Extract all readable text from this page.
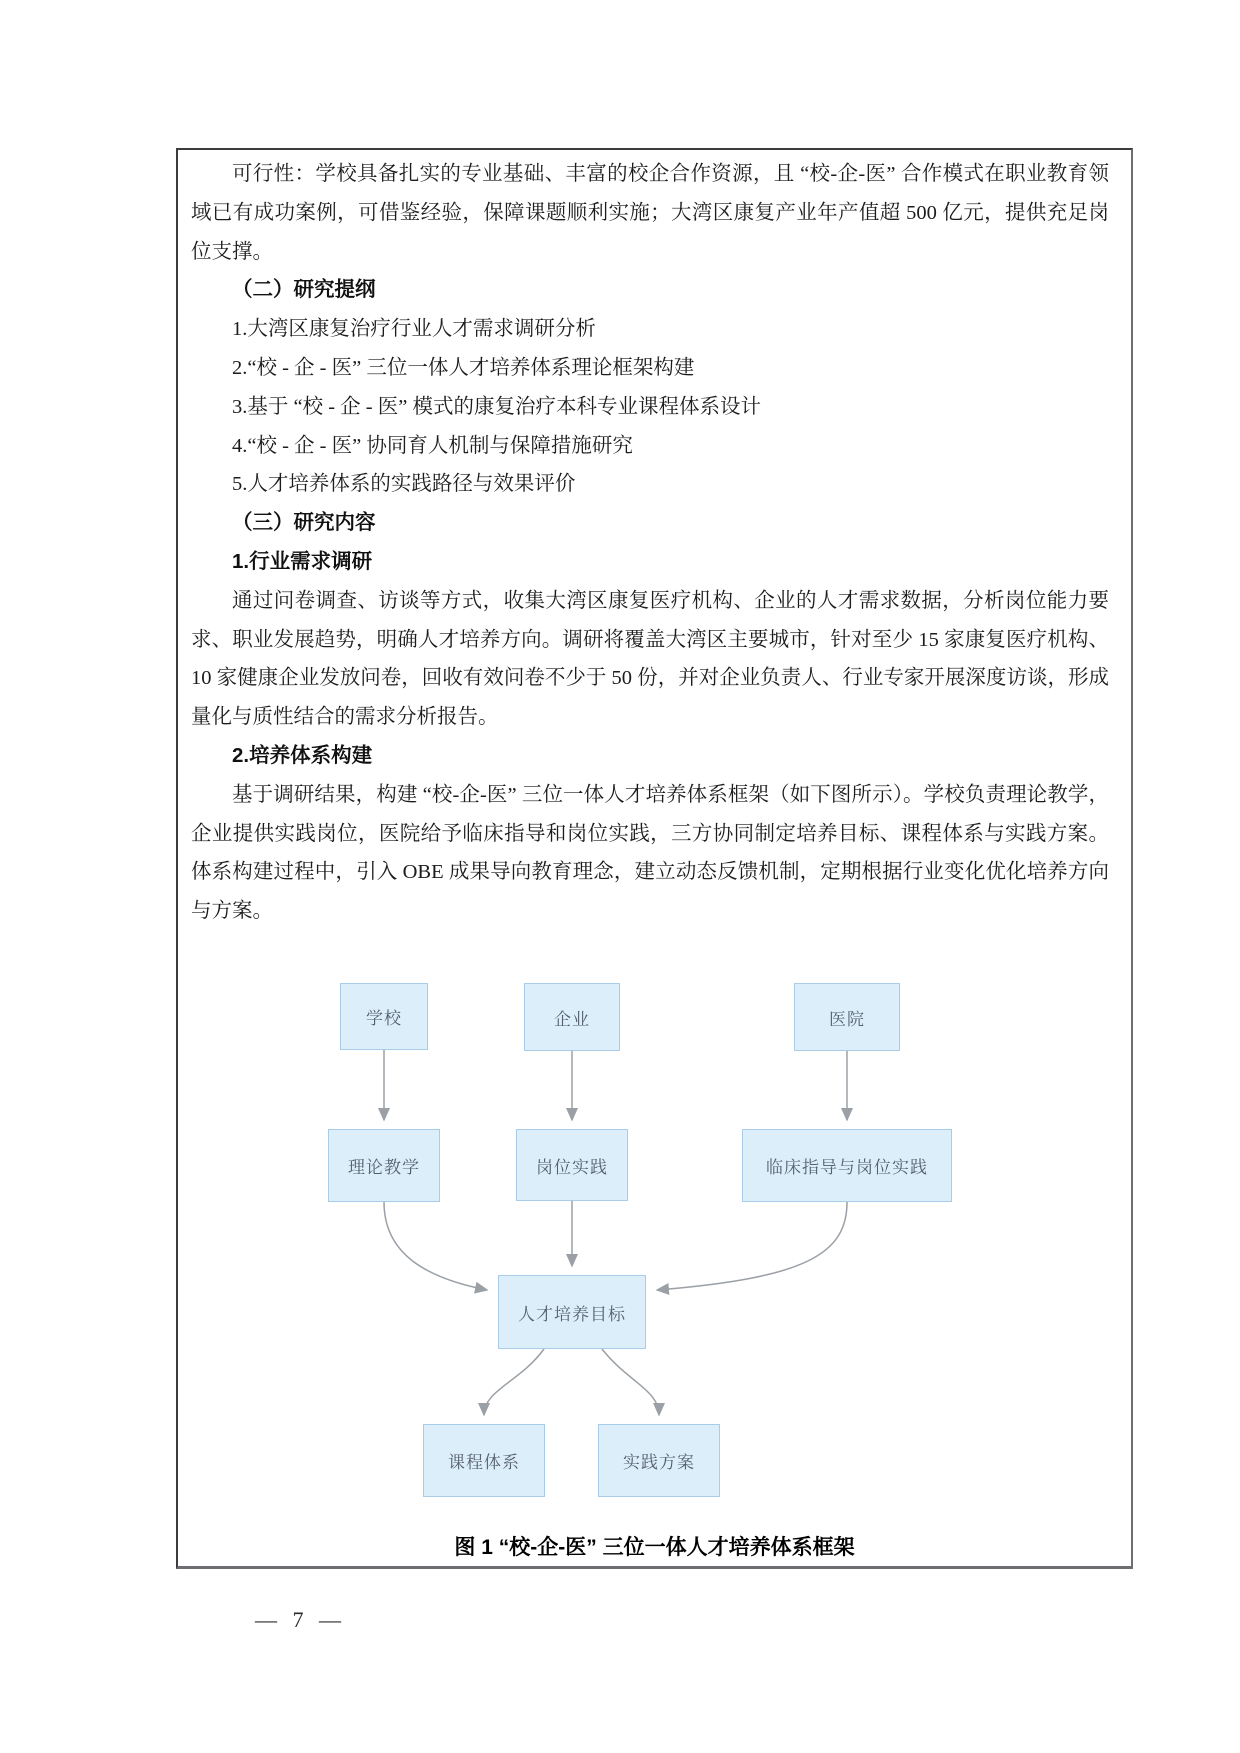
可行性：学校具备扎实的专业基础、丰富的校企合作资源，且 “校-企-医” 合作模式在职业教育领域已有成功案例，可借鉴经验，保障课题顺利实施；大湾区康复产业年产值超 500 亿元，提供充足岗位支撑。

（二）研究提纲

1.大湾区康复治疗行业人才需求调研分析

2.“校 - 企 - 医” 三位一体人才培养体系理论框架构建

3.基于 “校 - 企 - 医” 模式的康复治疗本科专业课程体系设计

4.“校 - 企 - 医” 协同育人机制与保障措施研究

5.人才培养体系的实践路径与效果评价

（三）研究内容

1.行业需求调研

通过问卷调查、访谈等方式，收集大湾区康复医疗机构、企业的人才需求数据，分析岗位能力要求、职业发展趋势，明确人才培养方向。调研将覆盖大湾区主要城市，针对至少 15 家康复医疗机构、10 家健康企业发放问卷，回收有效问卷不少于 50 份，并对企业负责人、行业专家开展深度访谈，形成量化与质性结合的需求分析报告。

2.培养体系构建

基于调研结果，构建 “校-企-医” 三位一体人才培养体系框架（如下图所示）。学校负责理论教学，企业提供实践岗位，医院给予临床指导和岗位实践，三方协同制定培养目标、课程体系与实践方案。体系构建过程中，引入 OBE 成果导向教育理念，建立动态反馈机制，定期根据行业变化优化培养方向与方案。

学校	企业	医院
理论教学	岗位实践	临床指导与岗位实践
人才培养目标
课程体系	实践方案
图 1 “校-企-医” 三位一体人才培养体系框架
— 7 —
